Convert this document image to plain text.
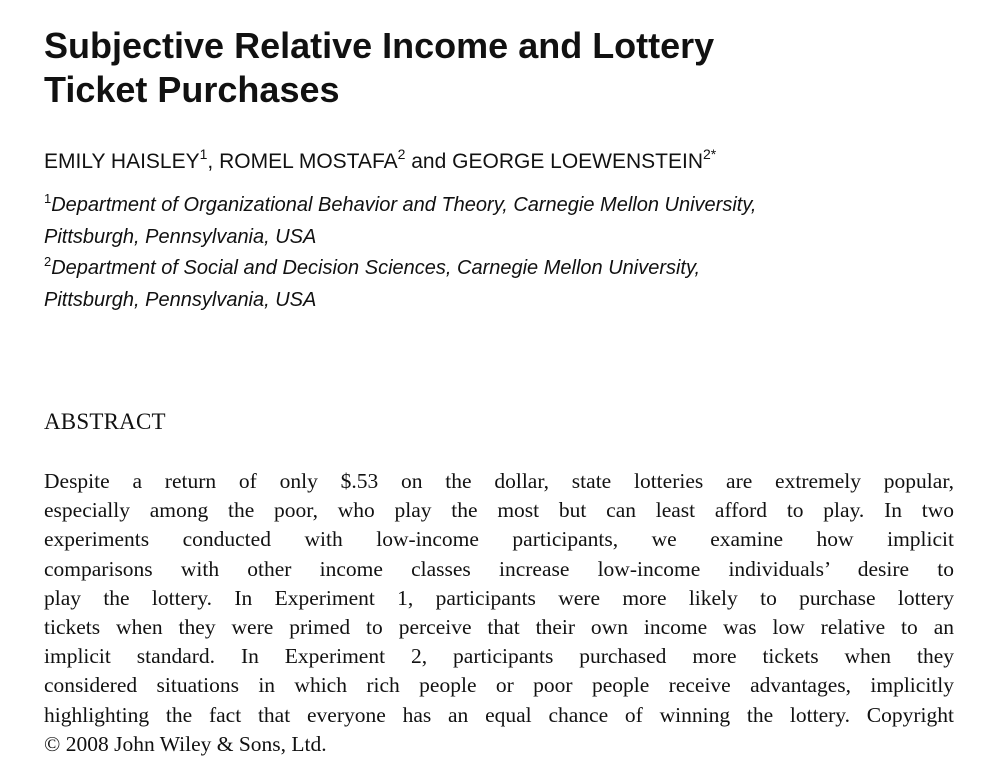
Subjective Relative Income and Lottery
Ticket Purchases
EMILY HAISLEY$^1$, ROMEL MOSTAFA$^2$ and GEORGE $LOEWENSTEIN^{2*}$
$^1$Department of Organizational Behavior and Theory, Carnegie Mellon University,
Pittsburgh, Pennsylvania, USA
$^2$Department of Social and Decision Sciences, Carnegie Mellon University,
Pittsburgh, Pennsylvania, USA
ABSTRACT
Despite a return of only $.53 on the dollar, state lotteries are extremely popular,
especially among the poor, who play the most but can least afford to play. In two
experiments conducted with low-income participants, we examine how implicit
comparisons with other income classes increase low-income individuals’ desire to
play the lottery. In Experiment 1, participants were more likely to purchase lottery
tickets when they were primed to perceive that their own income was low relative to an
implicit standard. In Experiment 2, participants purchased more tickets when they
considered situations in which rich people or poor people receive advantages, implicitly
highlighting the fact that everyone has an equal chance of winning the lottery. Copyright
© 2008 John Wiley & Sons, Ltd.
